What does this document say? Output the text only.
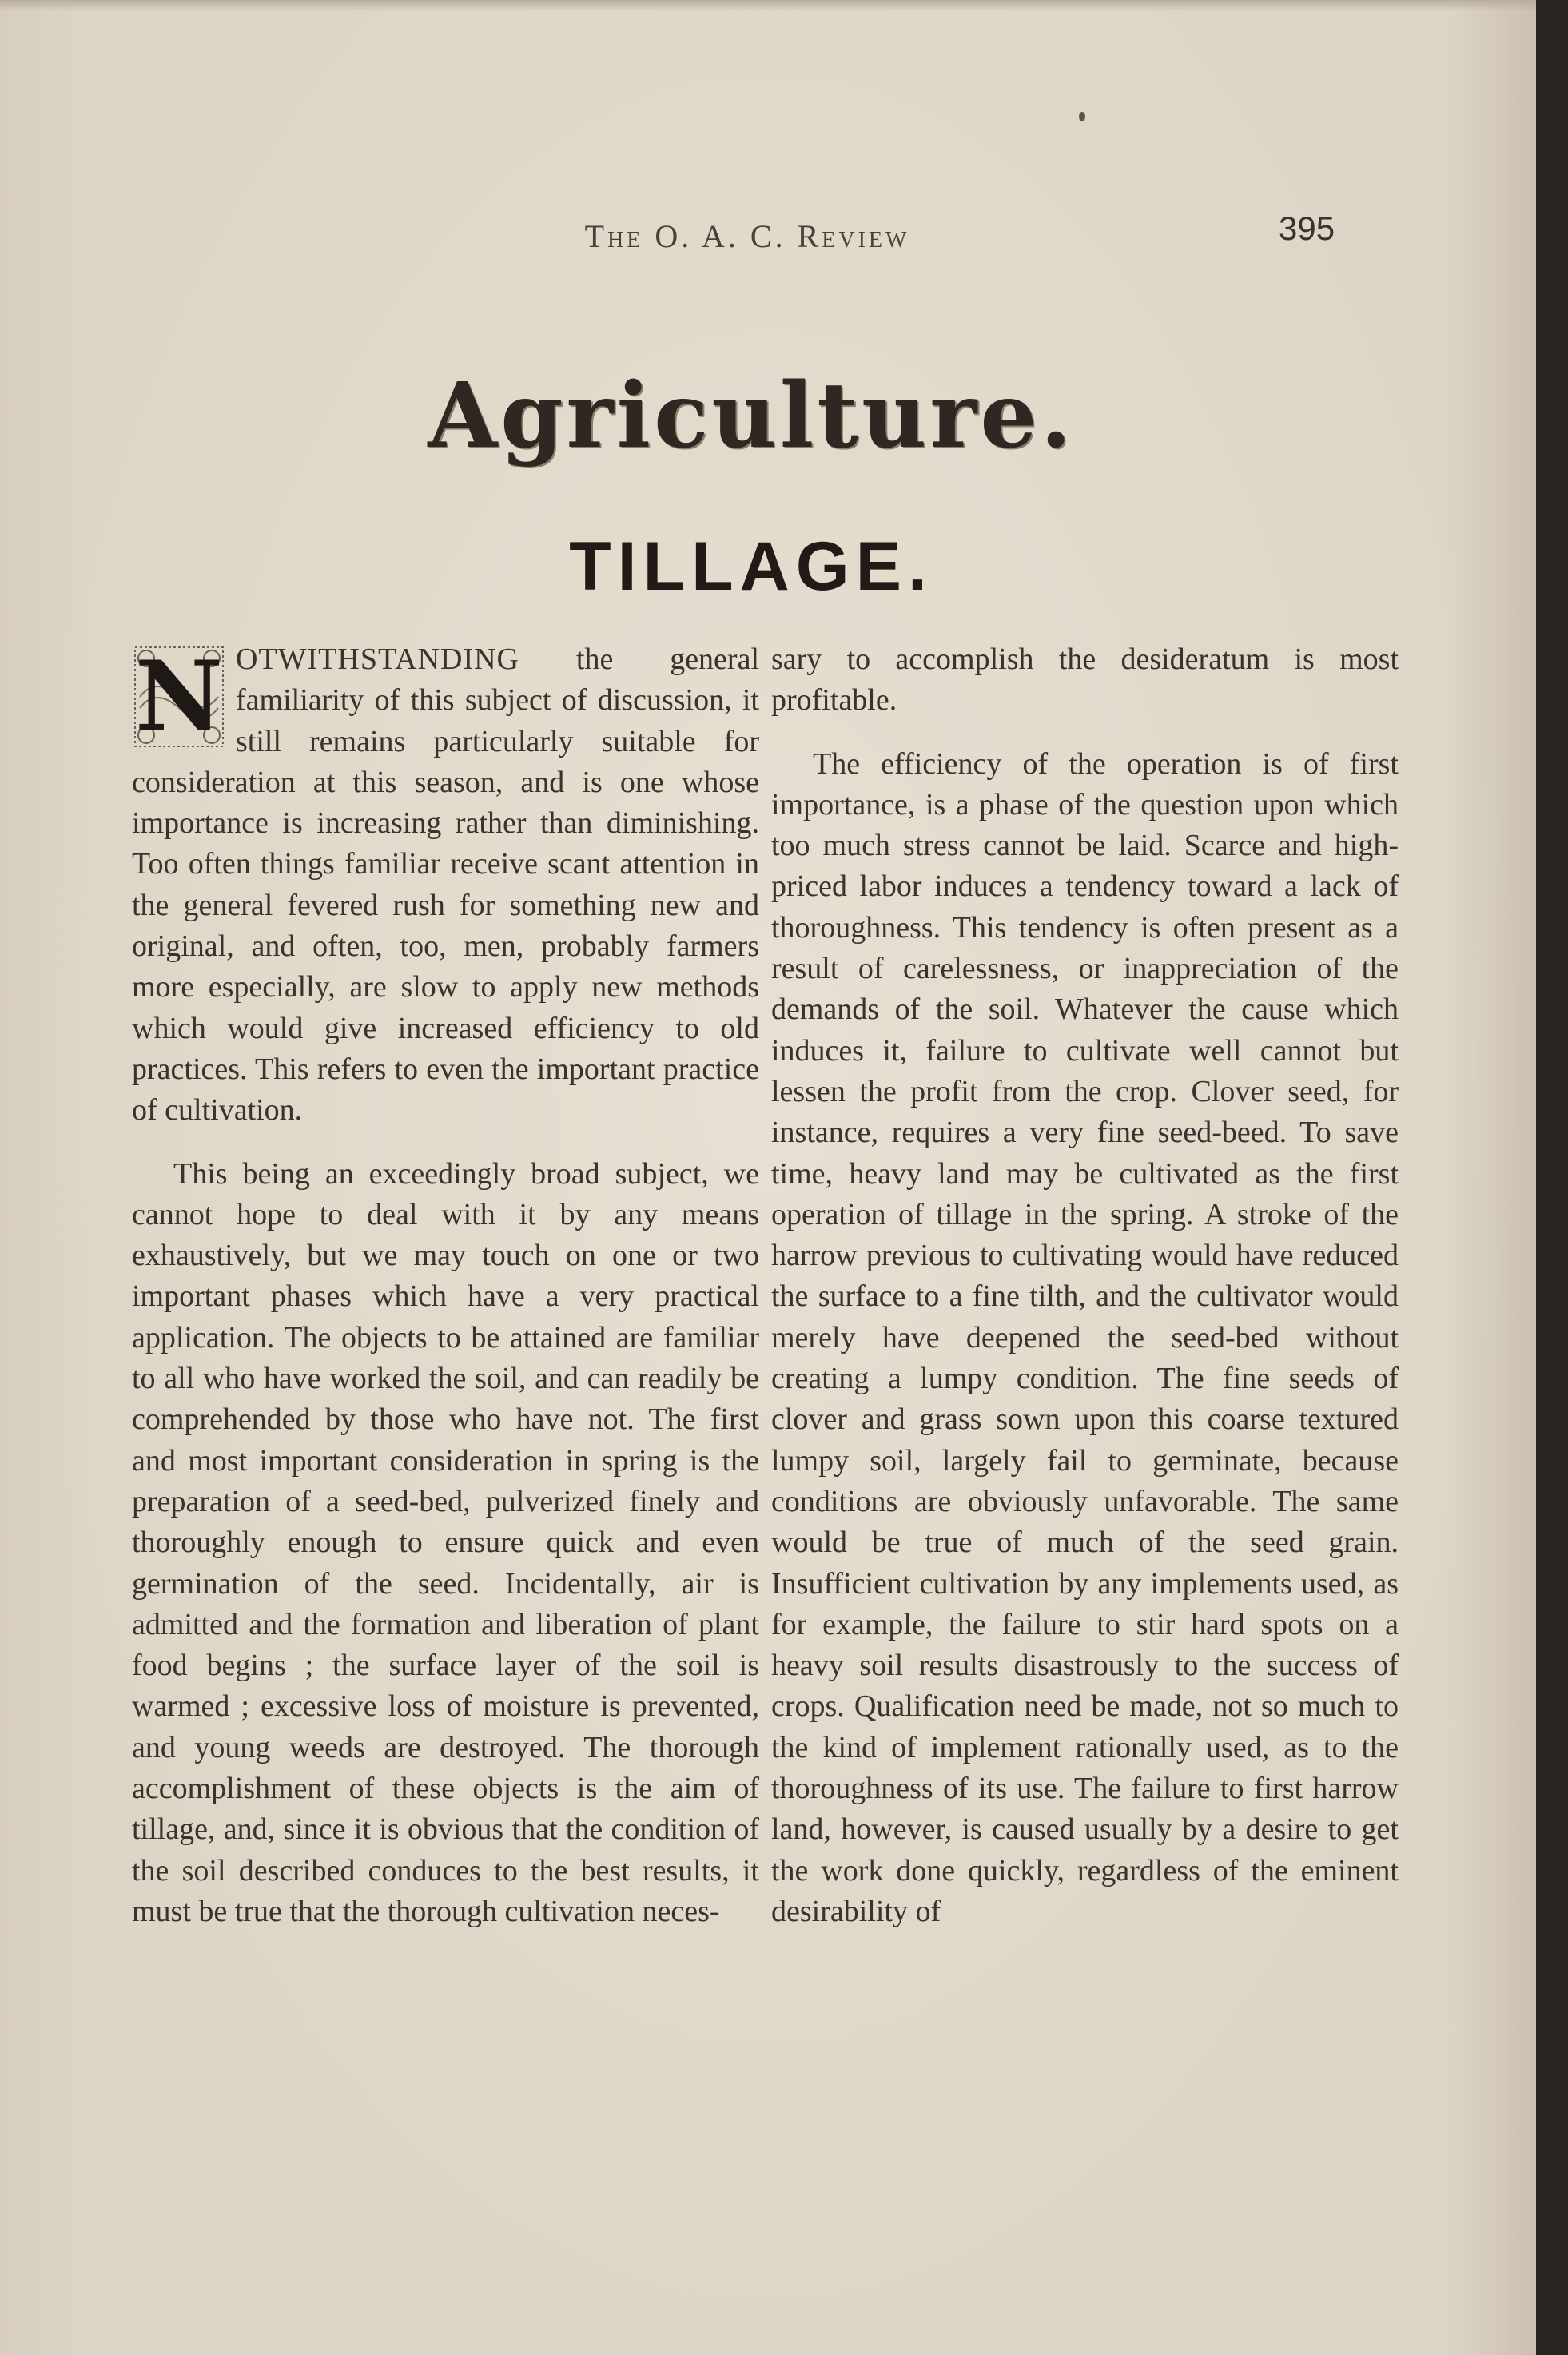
The O. A. C. Review	395
Agriculture.
TILLAGE.

N OTWITHSTANDING the general familiarity of this subject of discussion, it still remains particularly suitable for consideration at this season, and is one whose importance is increasing rather than diminishing. Too often things familiar receive scant attention in the general fevered rush for something new and original, and often, too, men, probably farmers more especially, are slow to apply new methods which would give increased efficiency to old practices. This refers to even the important practice of cultivation.

This being an exceedingly broad subject, we cannot hope to deal with it by any means exhaustively, but we may touch on one or two important phases which have a very practical application. The objects to be attained are familiar to all who have worked the soil, and can readily be comprehended by those who have not. The first and most important consideration in spring is the preparation of a seed-bed, pulverized finely and thoroughly enough to ensure quick and even germination of the seed. Incidentally, air is admitted and the formation and liberation of plant food begins ; the surface layer of the soil is warmed ; excessive loss of moisture is prevented, and young weeds are destroyed. The thorough accomplishment of these objects is the aim of tillage, and, since it is obvious that the condition of the soil described conduces to the best results, it must be true that the thorough cultivation neces-

sary to accomplish the desideratum is most profitable.

The efficiency of the operation is of first importance, is a phase of the question upon which too much stress cannot be laid. Scarce and high-priced labor induces a tendency toward a lack of thoroughness. This tendency is often present as a result of carelessness, or inappreciation of the demands of the soil. Whatever the cause which induces it, failure to cultivate well cannot but lessen the profit from the crop. Clover seed, for instance, requires a very fine seed-beed. To save time, heavy land may be cultivated as the first operation of tillage in the spring. A stroke of the harrow previous to cultivating would have reduced the surface to a fine tilth, and the cultivator would merely have deepened the seed-bed without creating a lumpy condition. The fine seeds of clover and grass sown upon this coarse textured lumpy soil, largely fail to germinate, because conditions are obviously unfavorable. The same would be true of much of the seed grain. Insufficient cultivation by any implements used, as for example, the failure to stir hard spots on a heavy soil results disastrously to the success of crops. Qualification need be made, not so much to the kind of implement rationally used, as to the thoroughness of its use. The failure to first harrow land, however, is caused usually by a desire to get the work done quickly, regardless of the eminent desirability of
